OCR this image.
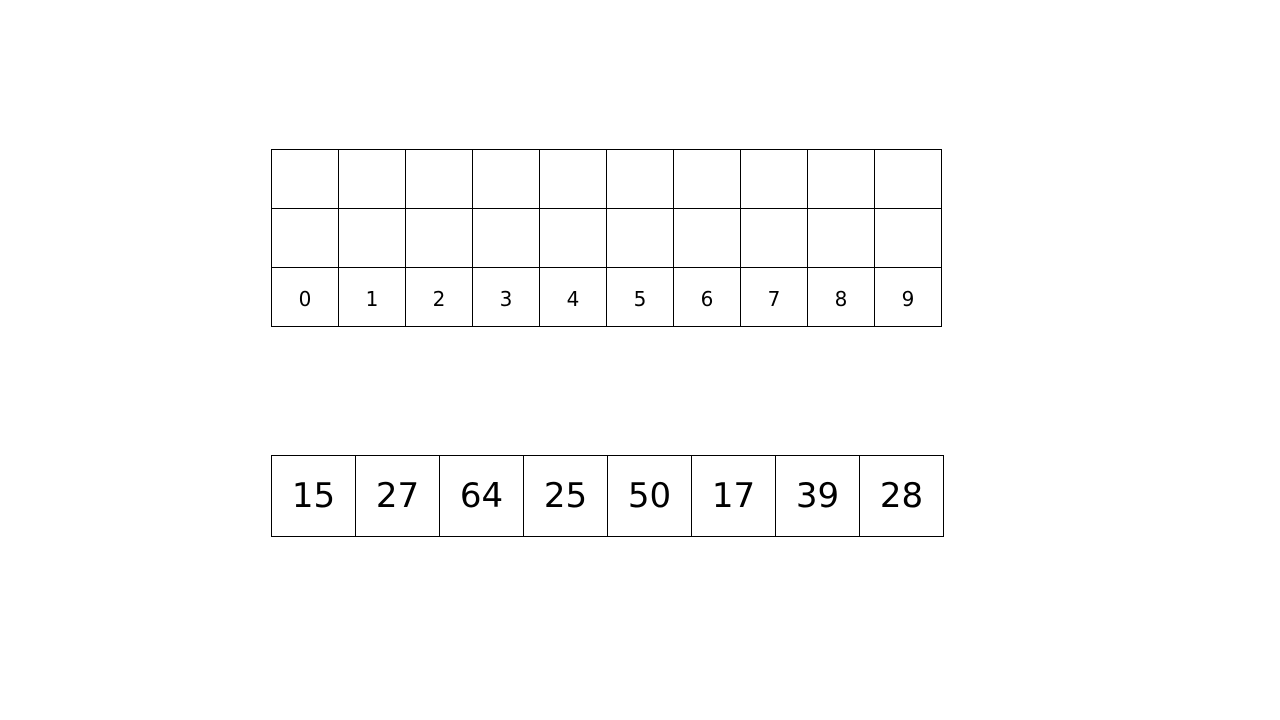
0	1	2	3	4	5	6	7	8	9
15	27	64	25	50	17	39	28
